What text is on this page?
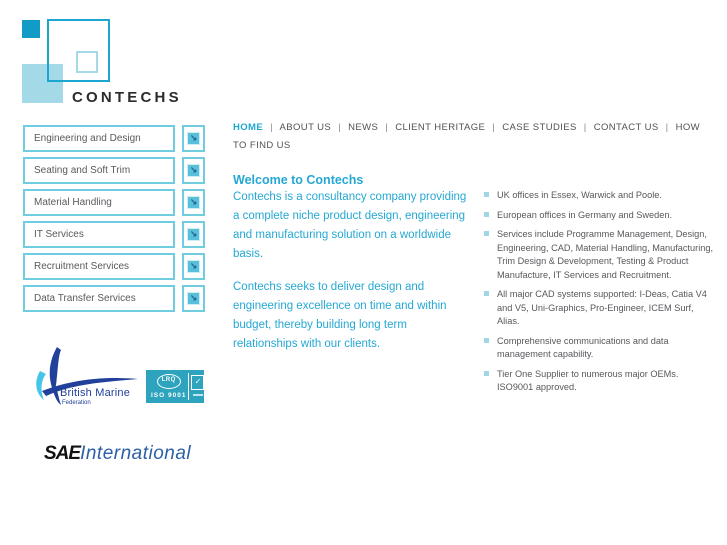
CONTECHS
HOME | ABOUT US | NEWS | CLIENT HERITAGE | CASE STUDIES | CONTACT US | HOW TO FIND US
Engineering and Design	↘
Seating and Soft Trim	↘
Material Handling	↘
IT Services	↘
Recruitment Services	↘
Data Transfer Services	↘
Welcome to Contechs

Contechs is a consultancy company providing a complete niche product design, engineering and manufacturing solution on a worldwide basis.

Contechs seeks to deliver design and engineering excellence on time and within budget, thereby building long term relationships with our clients.

UK offices in Essex, Warwick and Poole.
European offices in Germany and Sweden.
Services include Programme Management, Design, Engineering, CAD, Material Handling, Manufacturing, Trim Design & Development, Testing & Product Manufacture, IT Services and Recruitment.
All major CAD systems supported: I-Deas, Catia V4 and V5, Uni-Graphics, Pro-Engineer, ICEM Surf, Alias.
Comprehensive communications and data management capability.
Tier One Supplier to numerous major OEMs. ISO9001 approved.
British Marine
Federation
LRQ
ISO 9001
✓
SAEInternational
